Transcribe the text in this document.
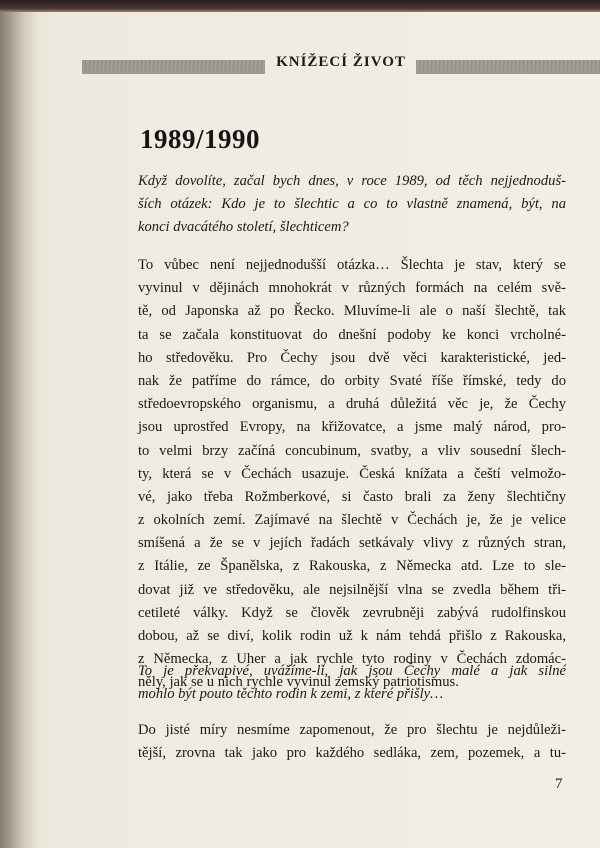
KNÍŽECÍ ŽIVOT
1989/1990
Když dovolíte, začal bych dnes, v roce 1989, od těch nejjednoduš-
ších otázek: Kdo je to šlechtic a co to vlastně znamená, být, na
konci dvacátého století, šlechticem?
To vůbec není nejjednodušší otázka… Šlechta je stav, který se
vyvinul v dějinách mnohokrát v různých formách na celém svě-
tě, od Japonska až po Řecko. Mluvíme-li ale o naší šlechtě, tak
ta se začala konstituovat do dnešní podoby ke konci vrcholné-
ho středověku. Pro Čechy jsou dvě věci karakteristické, jed-
nak že patříme do rámce, do orbity Svaté říše římské, tedy do
středoevropského organismu, a druhá důležitá věc je, že Čechy
jsou uprostřed Evropy, na křižovatce, a jsme malý národ, pro-
to velmi brzy začíná concubinum, svatby, a vliv sousední šlech-
ty, která se v Čechách usazuje. Česká knížata a čeští velmožo-
vé, jako třeba Rožmberkové, si často brali za ženy šlechtičny
z okolních zemí. Zajímavé na šlechtě v Čechách je, že je velice
smíšená a že se v jejích řadách setkávaly vlivy z různých stran,
z Itálie, ze Španělska, z Rakouska, z Německa atd. Lze to sle-
dovat již ve středověku, ale nejsilnější vlna se zvedla během tři-
cetileté války. Když se člověk zevrubněji zabývá rudolfinskou
dobou, až se diví, kolik rodin už k nám tehdá přišlo z Rakouska,
z Německa, z Uher a jak rychle tyto rodiny v Čechách zdomác-
něly, jak se u nich rychle vyvinul zemský patriotismus.
To je překvapivé, uvážíme-li, jak jsou Čechy malé a jak silné
mohlo být pouto těchto rodin k zemi, z které přišly…
Do jisté míry nesmíme zapomenout, že pro šlechtu je nejdůleži-
tější, zrovna tak jako pro každého sedláka, zem, pozemek, a tu-
7
